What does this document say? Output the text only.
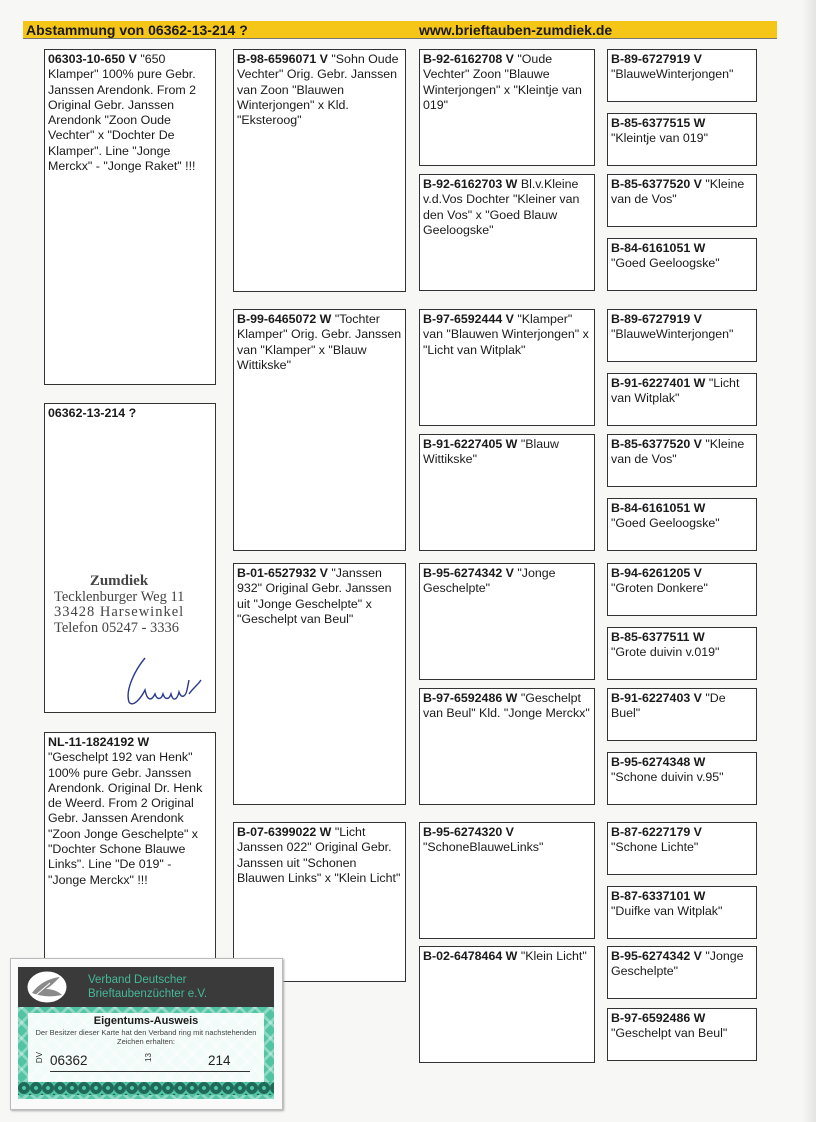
Abstammung von 06362-13-214 ?	www.brieftauben-zumdiek.de
06303-10-650 V "650 Klamper" 100% pure Gebr. Janssen Arendonk. From 2 Original Gebr. Janssen Arendonk "Zoon Oude Vechter" x "Dochter De Klamper". Line "Jonge Merckx" - "Jonge Raket" !!!
06362-13-214 ?
Zumdiek
Tecklenburger Weg 11
33428 Harsewinkel
Telefon 05247 - 3336
NL-11-1824192 W
"Geschelpt 192 van Henk" 100% pure Gebr. Janssen Arendonk. Original Dr. Henk de Weerd. From 2 Original Gebr. Janssen Arendonk "Zoon Jonge Geschelpte" x "Dochter Schone Blauwe Links". Line "De 019" - "Jonge Merckx" !!!
B-98-6596071 V "Sohn Oude Vechter" Orig. Gebr. Janssen van Zoon "Blauwen Winterjongen" x Kld. "Eksteroog"
B-99-6465072 W "Tochter Klamper" Orig. Gebr. Janssen van "Klamper" x "Blauw Wittikske"
B-01-6527932 V "Janssen 932" Original Gebr. Janssen uit "Jonge Geschelpte" x "Geschelpt van Beul"
B-07-6399022 W "Licht Janssen 022" Original Gebr. Janssen uit "Schonen Blauwen Links" x "Klein Licht"
B-92-6162708 V "Oude Vechter" Zoon "Blauwe Winterjongen" x "Kleintje van 019"
B-92-6162703 W Bl.v.Kleine v.d.Vos Dochter "Kleiner van den Vos" x "Goed Blauw Geeloogske"
B-97-6592444 V "Klamper" van "Blauwen Winterjongen" x "Licht van Witplak"
B-91-6227405 W "Blauw Wittikske"
B-95-6274342 V "Jonge Geschelpte"
B-97-6592486 W "Geschelpt van Beul" Kld. "Jonge Merckx"
B-95-6274320 V "SchoneBlauweLinks"
B-02-6478464 W "Klein Licht"
B-89-6727919 V
"BlauweWinterjongen"
B-85-6377515 W
"Kleintje van 019"
B-85-6377520 V "Kleine van de Vos"
B-84-6161051 W
"Goed Geeloogske"
B-89-6727919 V
"BlauweWinterjongen"
B-91-6227401 W "Licht van Witplak"
B-85-6377520 V "Kleine van de Vos"
B-84-6161051 W
"Goed Geeloogske"
B-94-6261205 V
"Groten Donkere"
B-85-6377511 W
"Grote duivin v.019"
B-91-6227403 V "De Buel"
B-95-6274348 W
"Schone duivin v.95"
B-87-6227179 V
"Schone Lichte"
B-87-6337101 W
"Duifke van Witplak"
B-95-6274342 V "Jonge Geschelpte"
B-97-6592486 W
"Geschelpt van Beul"
Verband Deutscher
Brieftaubenzüchter e.V.
Eigentums-Ausweis
Der Besitzer dieser Karte hat den Verband ring mit nachstehenden Zeichen erhalten:
DV 06362	13	214
